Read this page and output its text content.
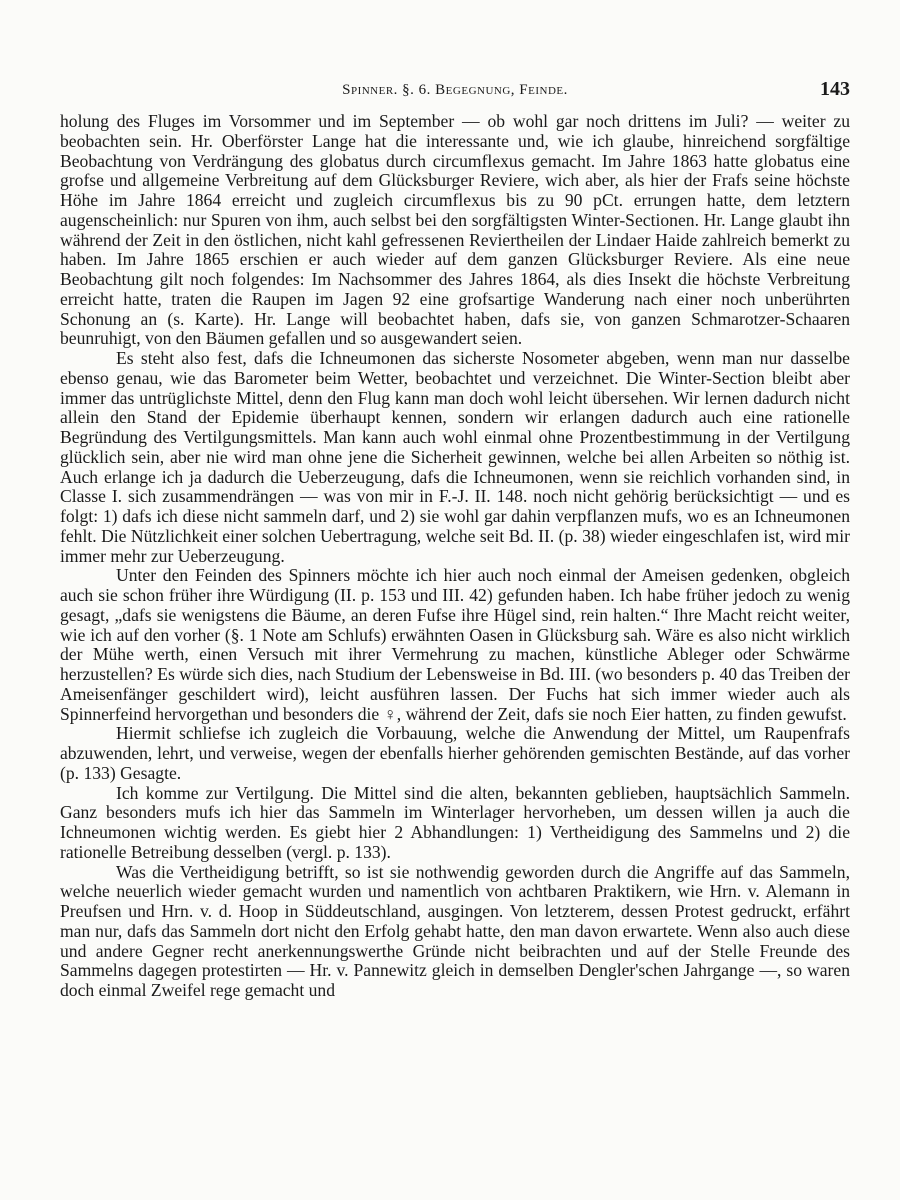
Spinner. §. 6. Begegnung, Feinde.	143

holung des Fluges im Vorsommer und im September — ob wohl gar noch drittens im Juli? — weiter zu beobachten sein. Hr. Oberförster Lange hat die interessante und, wie ich glaube, hinreichend sorgfältige Beobachtung von Verdrängung des globatus durch circumflexus gemacht. Im Jahre 1863 hatte globatus eine grofse und allgemeine Verbreitung auf dem Glücksburger Reviere, wich aber, als hier der Frafs seine höchste Höhe im Jahre 1864 erreicht und zugleich circumflexus bis zu 90 pCt. errungen hatte, dem letztern augenscheinlich: nur Spuren von ihm, auch selbst bei den sorgfältigsten Winter-Sectionen. Hr. Lange glaubt ihn während der Zeit in den östlichen, nicht kahl gefressenen Reviertheilen der Lindaer Haide zahlreich bemerkt zu haben. Im Jahre 1865 erschien er auch wieder auf dem ganzen Glücksburger Reviere. Als eine neue Beobachtung gilt noch folgendes: Im Nachsommer des Jahres 1864, als dies Insekt die höchste Verbreitung erreicht hatte, traten die Raupen im Jagen 92 eine grofsartige Wanderung nach einer noch unberührten Schonung an (s. Karte). Hr. Lange will beobachtet haben, dafs sie, von ganzen Schmarotzer-Schaaren beunruhigt, von den Bäumen gefallen und so ausgewandert seien.

Es steht also fest, dafs die Ichneumonen das sicherste Nosometer abgeben, wenn man nur dasselbe ebenso genau, wie das Barometer beim Wetter, beobachtet und verzeichnet. Die Winter-Section bleibt aber immer das untrüglichste Mittel, denn den Flug kann man doch wohl leicht übersehen. Wir lernen dadurch nicht allein den Stand der Epidemie überhaupt kennen, sondern wir erlangen dadurch auch eine rationelle Begründung des Vertilgungsmittels. Man kann auch wohl einmal ohne Prozentbestimmung in der Vertilgung glücklich sein, aber nie wird man ohne jene die Sicherheit gewinnen, welche bei allen Arbeiten so nöthig ist. Auch erlange ich ja dadurch die Ueberzeugung, dafs die Ichneumonen, wenn sie reichlich vorhanden sind, in Classe I. sich zusammendrängen — was von mir in F.-J. II. 148. noch nicht gehörig berücksichtigt — und es folgt: 1) dafs ich diese nicht sammeln darf, und 2) sie wohl gar dahin verpflanzen mufs, wo es an Ichneumonen fehlt. Die Nützlichkeit einer solchen Uebertragung, welche seit Bd. II. (p. 38) wieder eingeschlafen ist, wird mir immer mehr zur Ueberzeugung.

Unter den Feinden des Spinners möchte ich hier auch noch einmal der Ameisen gedenken, obgleich auch sie schon früher ihre Würdigung (II. p. 153 und III. 42) gefunden haben. Ich habe früher jedoch zu wenig gesagt, „dafs sie wenigstens die Bäume, an deren Fufse ihre Hügel sind, rein halten.“ Ihre Macht reicht weiter, wie ich auf den vorher (§. 1 Note am Schlufs) erwähnten Oasen in Glücksburg sah. Wäre es also nicht wirklich der Mühe werth, einen Versuch mit ihrer Vermehrung zu machen, künstliche Ableger oder Schwärme herzustellen? Es würde sich dies, nach Studium der Lebensweise in Bd. III. (wo besonders p. 40 das Treiben der Ameisenfänger geschildert wird), leicht ausführen lassen. Der Fuchs hat sich immer wieder auch als Spinnerfeind hervorgethan und besonders die ♀, während der Zeit, dafs sie noch Eier hatten, zu finden gewufst.

Hiermit schliefse ich zugleich die Vorbauung, welche die Anwendung der Mittel, um Raupenfrafs abzuwenden, lehrt, und verweise, wegen der ebenfalls hierher gehörenden gemischten Bestände, auf das vorher (p. 133) Gesagte.

Ich komme zur Vertilgung. Die Mittel sind die alten, bekannten geblieben, hauptsächlich Sammeln. Ganz besonders mufs ich hier das Sammeln im Winterlager hervorheben, um dessen willen ja auch die Ichneumonen wichtig werden. Es giebt hier 2 Abhandlungen: 1) Vertheidigung des Sammelns und 2) die rationelle Betreibung desselben (vergl. p. 133).

Was die Vertheidigung betrifft, so ist sie nothwendig geworden durch die Angriffe auf das Sammeln, welche neuerlich wieder gemacht wurden und namentlich von achtbaren Praktikern, wie Hrn. v. Alemann in Preufsen und Hrn. v. d. Hoop in Süddeutschland, ausgingen. Von letzterem, dessen Protest gedruckt, erfährt man nur, dafs das Sammeln dort nicht den Erfolg gehabt hatte, den man davon erwartete. Wenn also auch diese und andere Gegner recht anerkennungswerthe Gründe nicht beibrachten und auf der Stelle Freunde des Sammelns dagegen protestirten — Hr. v. Pannewitz gleich in demselben Dengler'schen Jahrgange —, so waren doch einmal Zweifel rege gemacht und
